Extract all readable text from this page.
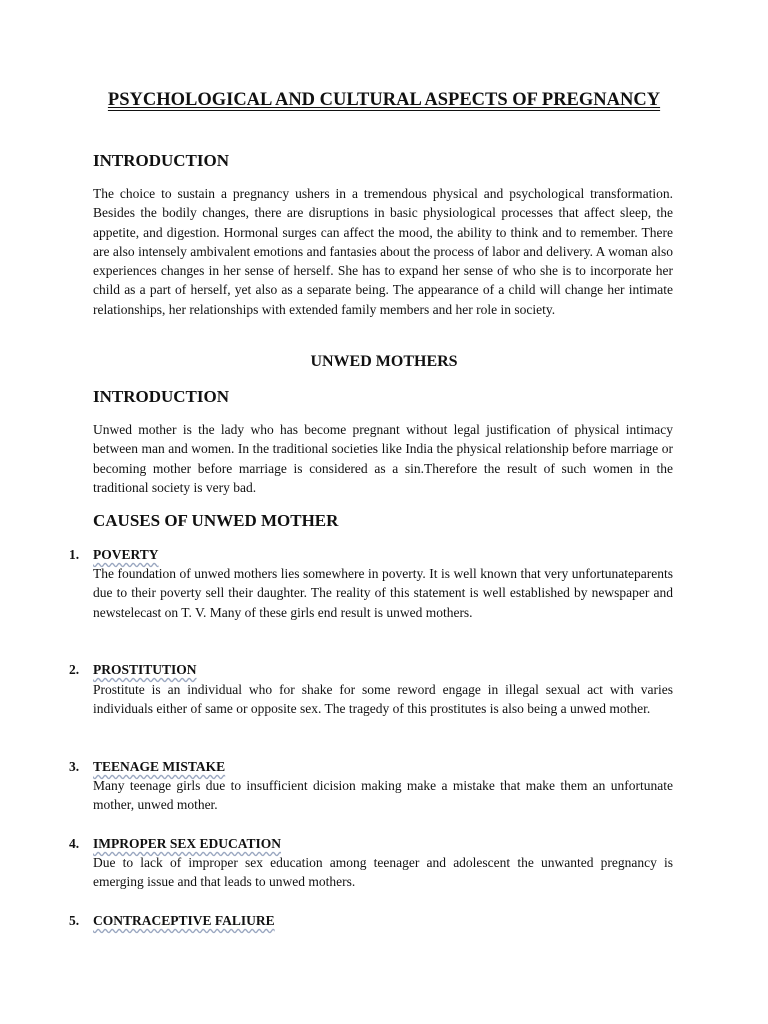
PSYCHOLOGICAL AND CULTURAL ASPECTS OF PREGNANCY
INTRODUCTION
The choice to sustain a pregnancy ushers in a tremendous physical and psychological transformation. Besides the bodily changes, there are disruptions in basic physiological processes that affect sleep, the appetite, and digestion. Hormonal surges can affect the mood, the ability to think and to remember. There are also intensely ambivalent emotions and fantasies about the process of labor and delivery. A woman also experiences changes in her sense of herself. She has to expand her sense of who she is to incorporate her child as a part of herself, yet also as a separate being. The appearance of a child will change her intimate relationships, her relationships with extended family members and her role in society.
UNWED MOTHERS
INTRODUCTION
Unwed mother is the lady who has become pregnant without legal justification of physical intimacy between man and women. In the traditional societies like India the physical relationship before marriage or becoming mother before marriage is considered as a sin.Therefore the result of such women in the traditional society is very bad.
CAUSES OF UNWED MOTHER
1. POVERTY
The foundation of unwed mothers lies somewhere in poverty. It is well known that very unfortunateparents due to their poverty sell their daughter. The reality of this statement is well established by newspaper and newstelecast on T. V. Many of these girls end result is unwed mothers.
2. PROSTITUTION
Prostitute is an individual who for shake for some reword engage in illegal sexual act with varies individuals either of same or opposite sex. The tragedy of this prostitutes is also being a unwed mother.
3. TEENAGE MISTAKE
Many teenage girls due to insufficient dicision making make a mistake that make them an unfortunate mother, unwed mother.
4. IMPROPER SEX EDUCATION
Due to lack of improper sex education among teenager and adolescent the unwanted pregnancy is emerging issue and that leads to unwed mothers.
5. CONTRACEPTIVE FALIURE
